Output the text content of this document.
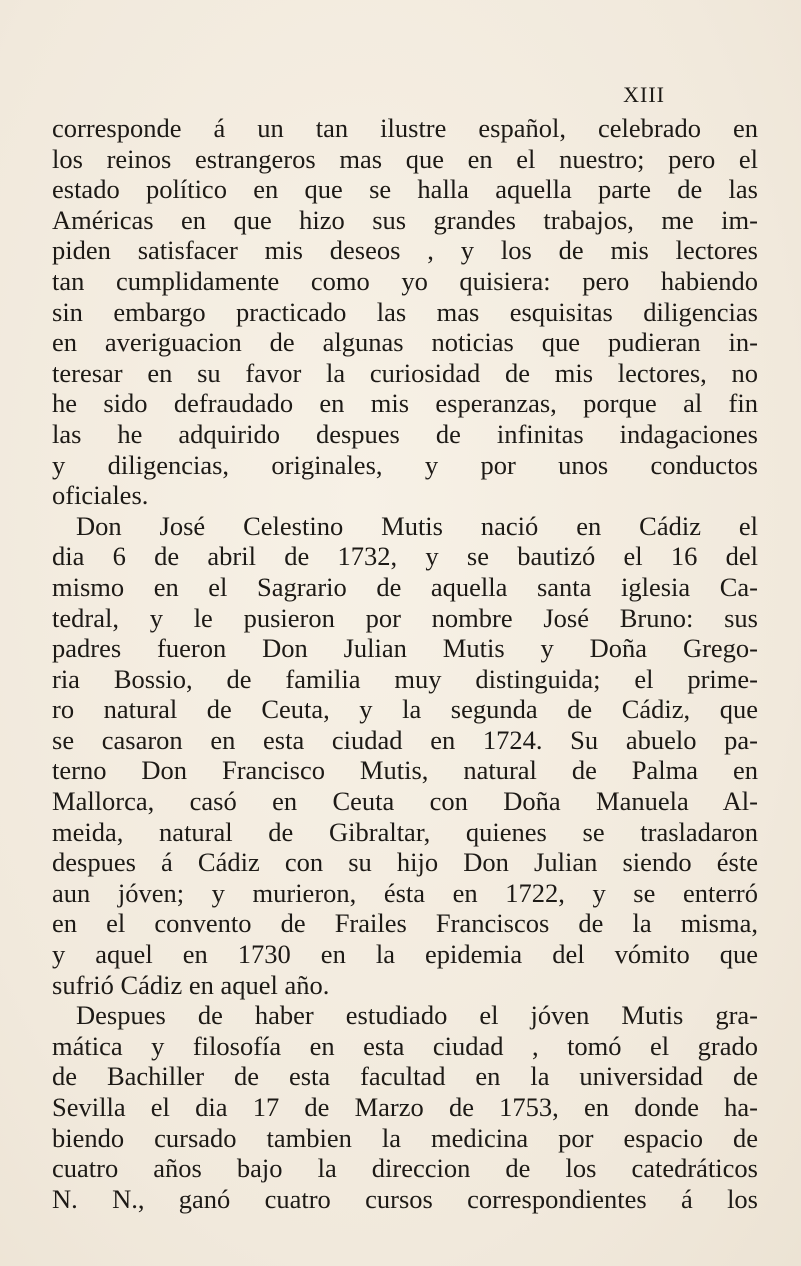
XIII
corresponde á un tan ilustre español, celebrado en
los reinos estrangeros mas que en el nuestro; pero el
estado político en que se halla aquella parte de las
Américas en que hizo sus grandes trabajos, me im-
piden satisfacer mis deseos , y los de mis lectores
tan cumplidamente como yo quisiera: pero habiendo
sin embargo practicado las mas esquisitas diligencias
en averiguacion de algunas noticias que pudieran in-
teresar en su favor la curiosidad de mis lectores, no
he sido defraudado en mis esperanzas, porque al fin
las he adquirido despues de infinitas indagaciones
y diligencias, originales, y por unos conductos
oficiales.
Don José Celestino Mutis nació en Cádiz el
dia 6 de abril de 1732, y se bautizó el 16 del
mismo en el Sagrario de aquella santa iglesia Ca-
tedral, y le pusieron por nombre José Bruno: sus
padres fueron Don Julian Mutis y Doña Grego-
ria Bossio, de familia muy distinguida; el prime-
ro natural de Ceuta, y la segunda de Cádiz, que
se casaron en esta ciudad en 1724. Su abuelo pa-
terno Don Francisco Mutis, natural de Palma en
Mallorca, casó en Ceuta con Doña Manuela Al-
meida, natural de Gibraltar, quienes se trasladaron
despues á Cádiz con su hijo Don Julian siendo éste
aun jóven; y murieron, ésta en 1722, y se enterró
en el convento de Frailes Franciscos de la misma,
y aquel en 1730 en la epidemia del vómito que
sufrió Cádiz en aquel año.
Despues de haber estudiado el jóven Mutis gra-
mática y filosofía en esta ciudad , tomó el grado
de Bachiller de esta facultad en la universidad de
Sevilla el dia 17 de Marzo de 1753, en donde ha-
biendo cursado tambien la medicina por espacio de
cuatro años bajo la direccion de los catedráticos
N. N., ganó cuatro cursos correspondientes á los
